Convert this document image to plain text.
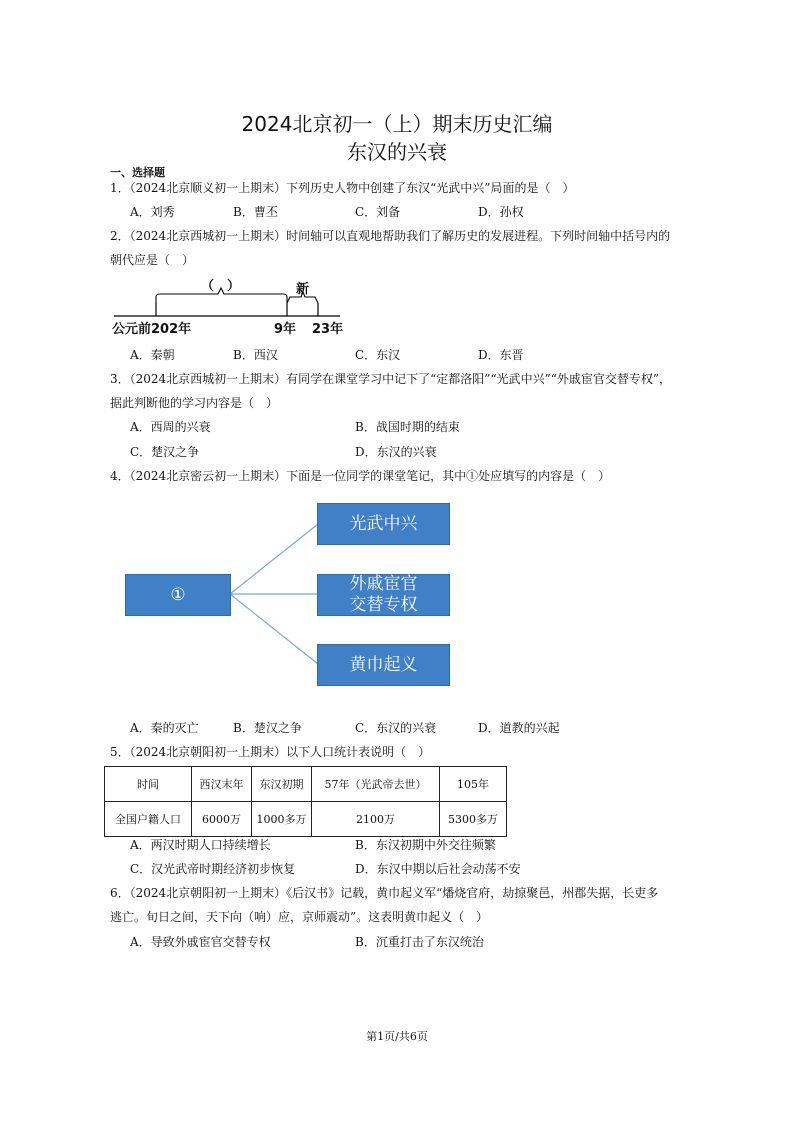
2024北京初一（上）期末历史汇编
东汉的兴衰
一、选择题
1．（2024北京顺义初一上期末）下列历史人物中创建了东汉“光武中兴”局面的是（　）
A．刘秀	B．曹丕	C．刘备	D．孙权
2．（2024北京西城初一上期末）时间轴可以直观地帮助我们了解历史的发展进程。下列时间轴中括号内的
朝代应是（　）
（　）	新
公元前202年	9年 23年
A．秦朝	B．西汉	C．东汉	D．东晋
3．（2024北京西城初一上期末）有同学在课堂学习中记下了“定都洛阳”“光武中兴”“外戚宦官交替专权”，
据此判断他的学习内容是（　）
A．西周的兴衰	B．战国时期的结束
C．楚汉之争	D．东汉的兴衰
4．（2024北京密云初一上期末）下面是一位同学的课堂笔记，其中①处应填写的内容是（　）
①
光武中兴
外戚宦官
交替专权
黄巾起义
A．秦的灭亡	B．楚汉之争	C．东汉的兴衰	D．道教的兴起
5．（2024北京朝阳初一上期末）以下人口统计表说明（　）
时间	西汉末年	东汉初期	57年（光武帝去世）	105年
全国户籍人口	6000万	1000多万	2100万	5300多万
A．两汉时期人口持续增长	B．东汉初期中外交往频繁
C．汉光武帝时期经济初步恢复	D．东汉中期以后社会动荡不安
6．（2024北京朝阳初一上期末）《后汉书》记载，黄巾起义军“燔烧官府，劫掠聚邑，州郡失据，长吏多
逃亡。旬日之间，天下向（响）应，京师震动”。这表明黄巾起义（　）
A．导致外戚宦官交替专权	B．沉重打击了东汉统治
第1页/共6页
